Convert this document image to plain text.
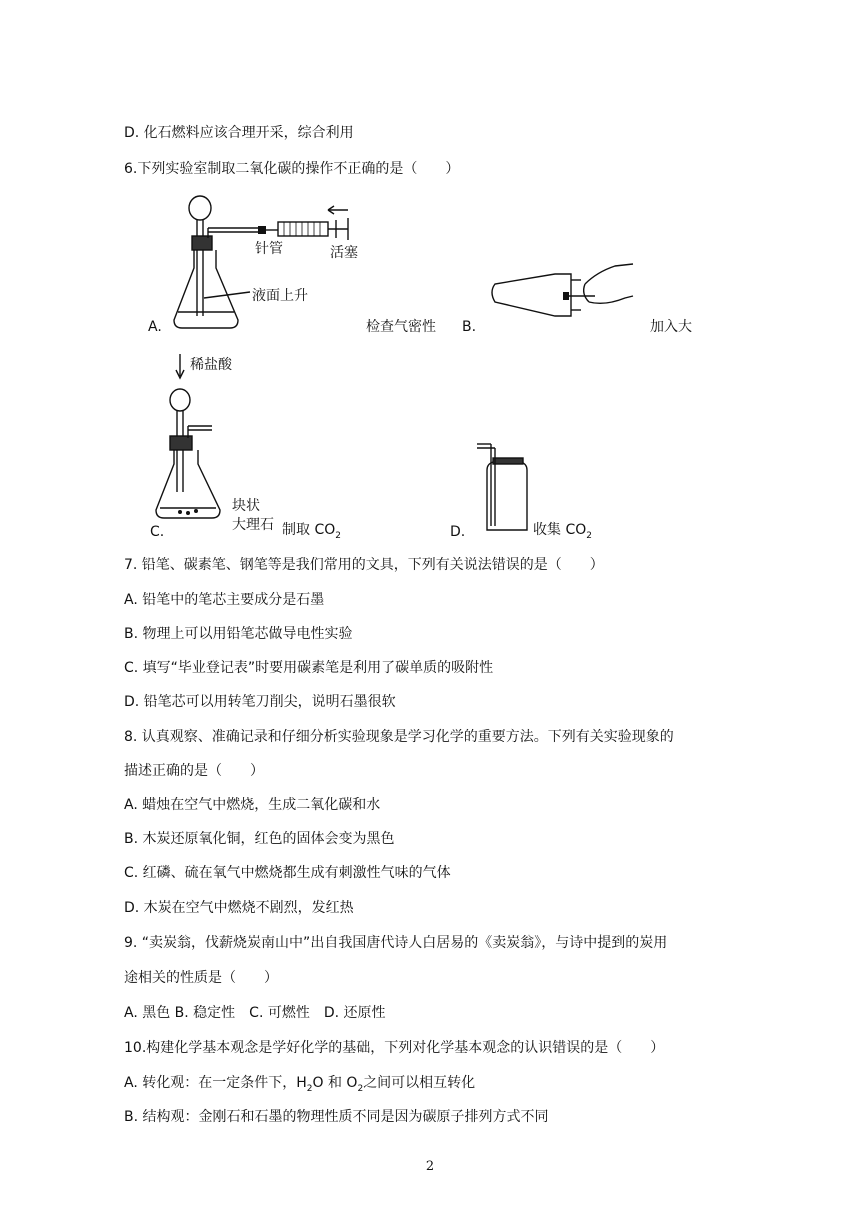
D. 化石燃料应该合理开采，综合利用
6.下列实验室制取二氧化碳的操作不正确的是（　　）
针管	活塞
液面上升
A.	检查气密性 B.	加入大
稀盐酸
块状
大理石
C.	制取 $CO_2$	D.	收集 $CO_2$
7. 铅笔、碳素笔、钢笔等是我们常用的文具，下列有关说法错误的是（　　）
A. 铅笔中的笔芯主要成分是石墨
B. 物理上可以用铅笔芯做导电性实验
C. 填写“毕业登记表”时要用碳素笔是利用了碳单质的吸附性
D. 铅笔芯可以用转笔刀削尖，说明石墨很软
8. 认真观察、准确记录和仔细分析实验现象是学习化学的重要方法。下列有关实验现象的
描述正确的是（　　）
A. 蜡烛在空气中燃烧，生成二氧化碳和水
B. 木炭还原氧化铜，红色的固体会变为黑色
C. 红磷、硫在氧气中燃烧都生成有刺激性气味的气体
D. 木炭在空气中燃烧不剧烈，发红热
9. “卖炭翁，伐薪烧炭南山中”出自我国唐代诗人白居易的《卖炭翁》，与诗中提到的炭用
途相关的性质是（　　）
A. 黑色 B. 稳定性　C. 可燃性　D. 还原性
10.构建化学基本观念是学好化学的基础，下列对化学基本观念的认识错误的是（　　）
A. 转化观：在一定条件下，$H_2O$ 和 $O_2$之间可以相互转化
B. 结构观：金刚石和石墨的物理性质不同是因为碳原子排列方式不同
2
